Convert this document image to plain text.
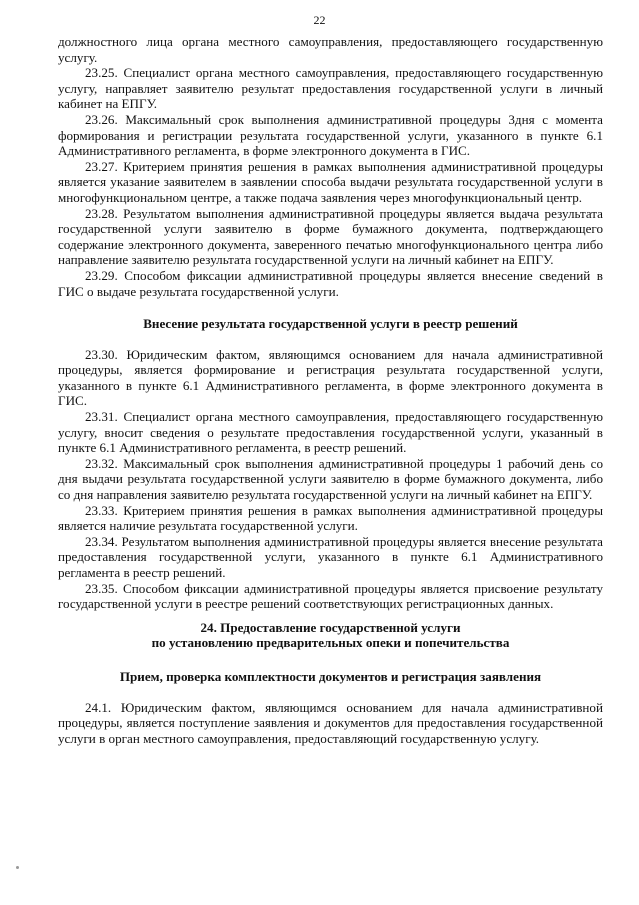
22

должностного лица органа местного самоуправления, предоставляющего государственную услугу.

23.25. Специалист органа местного самоуправления, предоставляющего государственную услугу, направляет заявителю результат предоставления государственной услуги в личный кабинет на ЕПГУ.

23.26. Максимальный срок выполнения административной процедуры 3дня с момента формирования и регистрации результата государственной услуги, указанного в пункте 6.1 Административного регламента, в форме электронного документа в ГИС.

23.27. Критерием принятия решения в рамках выполнения административной процедуры является указание заявителем в заявлении способа выдачи результата государственной услуги в многофункциональном центре, а также подача заявления через многофункциональный центр.

23.28. Результатом выполнения административной процедуры является выдача результата государственной услуги заявителю в форме бумажного документа, подтверждающего содержание электронного документа, заверенного печатью многофункционального центра либо направление заявителю результата государственной услуги на личный кабинет на ЕПГУ.

23.29. Способом фиксации административной процедуры является внесение сведений в ГИС о выдаче результата государственной услуги.

Внесение результата государственной услуги в реестр решений

23.30. Юридическим фактом, являющимся основанием для начала административной процедуры, является формирование и регистрация результата государственной услуги, указанного в пункте 6.1 Административного регламента, в форме электронного документа в ГИС.

23.31. Специалист органа местного самоуправления, предоставляющего государственную услугу, вносит сведения о результате предоставления государственной услуги, указанный в пункте 6.1 Административного регламента, в реестр решений.

23.32. Максимальный срок выполнения административной процедуры 1 рабочий день со дня выдачи результата государственной услуги заявителю в форме бумажного документа, либо со дня направления заявителю результата государственной услуги на личный кабинет на ЕПГУ.

23.33. Критерием принятия решения в рамках выполнения административной процедуры является наличие результата государственной услуги.

23.34. Результатом выполнения административной процедуры является внесение результата предоставления государственной услуги, указанного в пункте 6.1 Административного регламента в реестр решений.

23.35. Способом фиксации административной процедуры является присвоение результату государственной услуги в реестре решений соответствующих регистрационных данных.

24. Предоставление государственной услуги

по установлению предварительных опеки и попечительства

Прием, проверка комплектности документов и регистрация заявления

24.1. Юридическим фактом, являющимся основанием для начала административной процедуры, является поступление заявления и документов для предоставления государственной услуги в орган местного самоуправления, предоставляющий государственную услугу.
